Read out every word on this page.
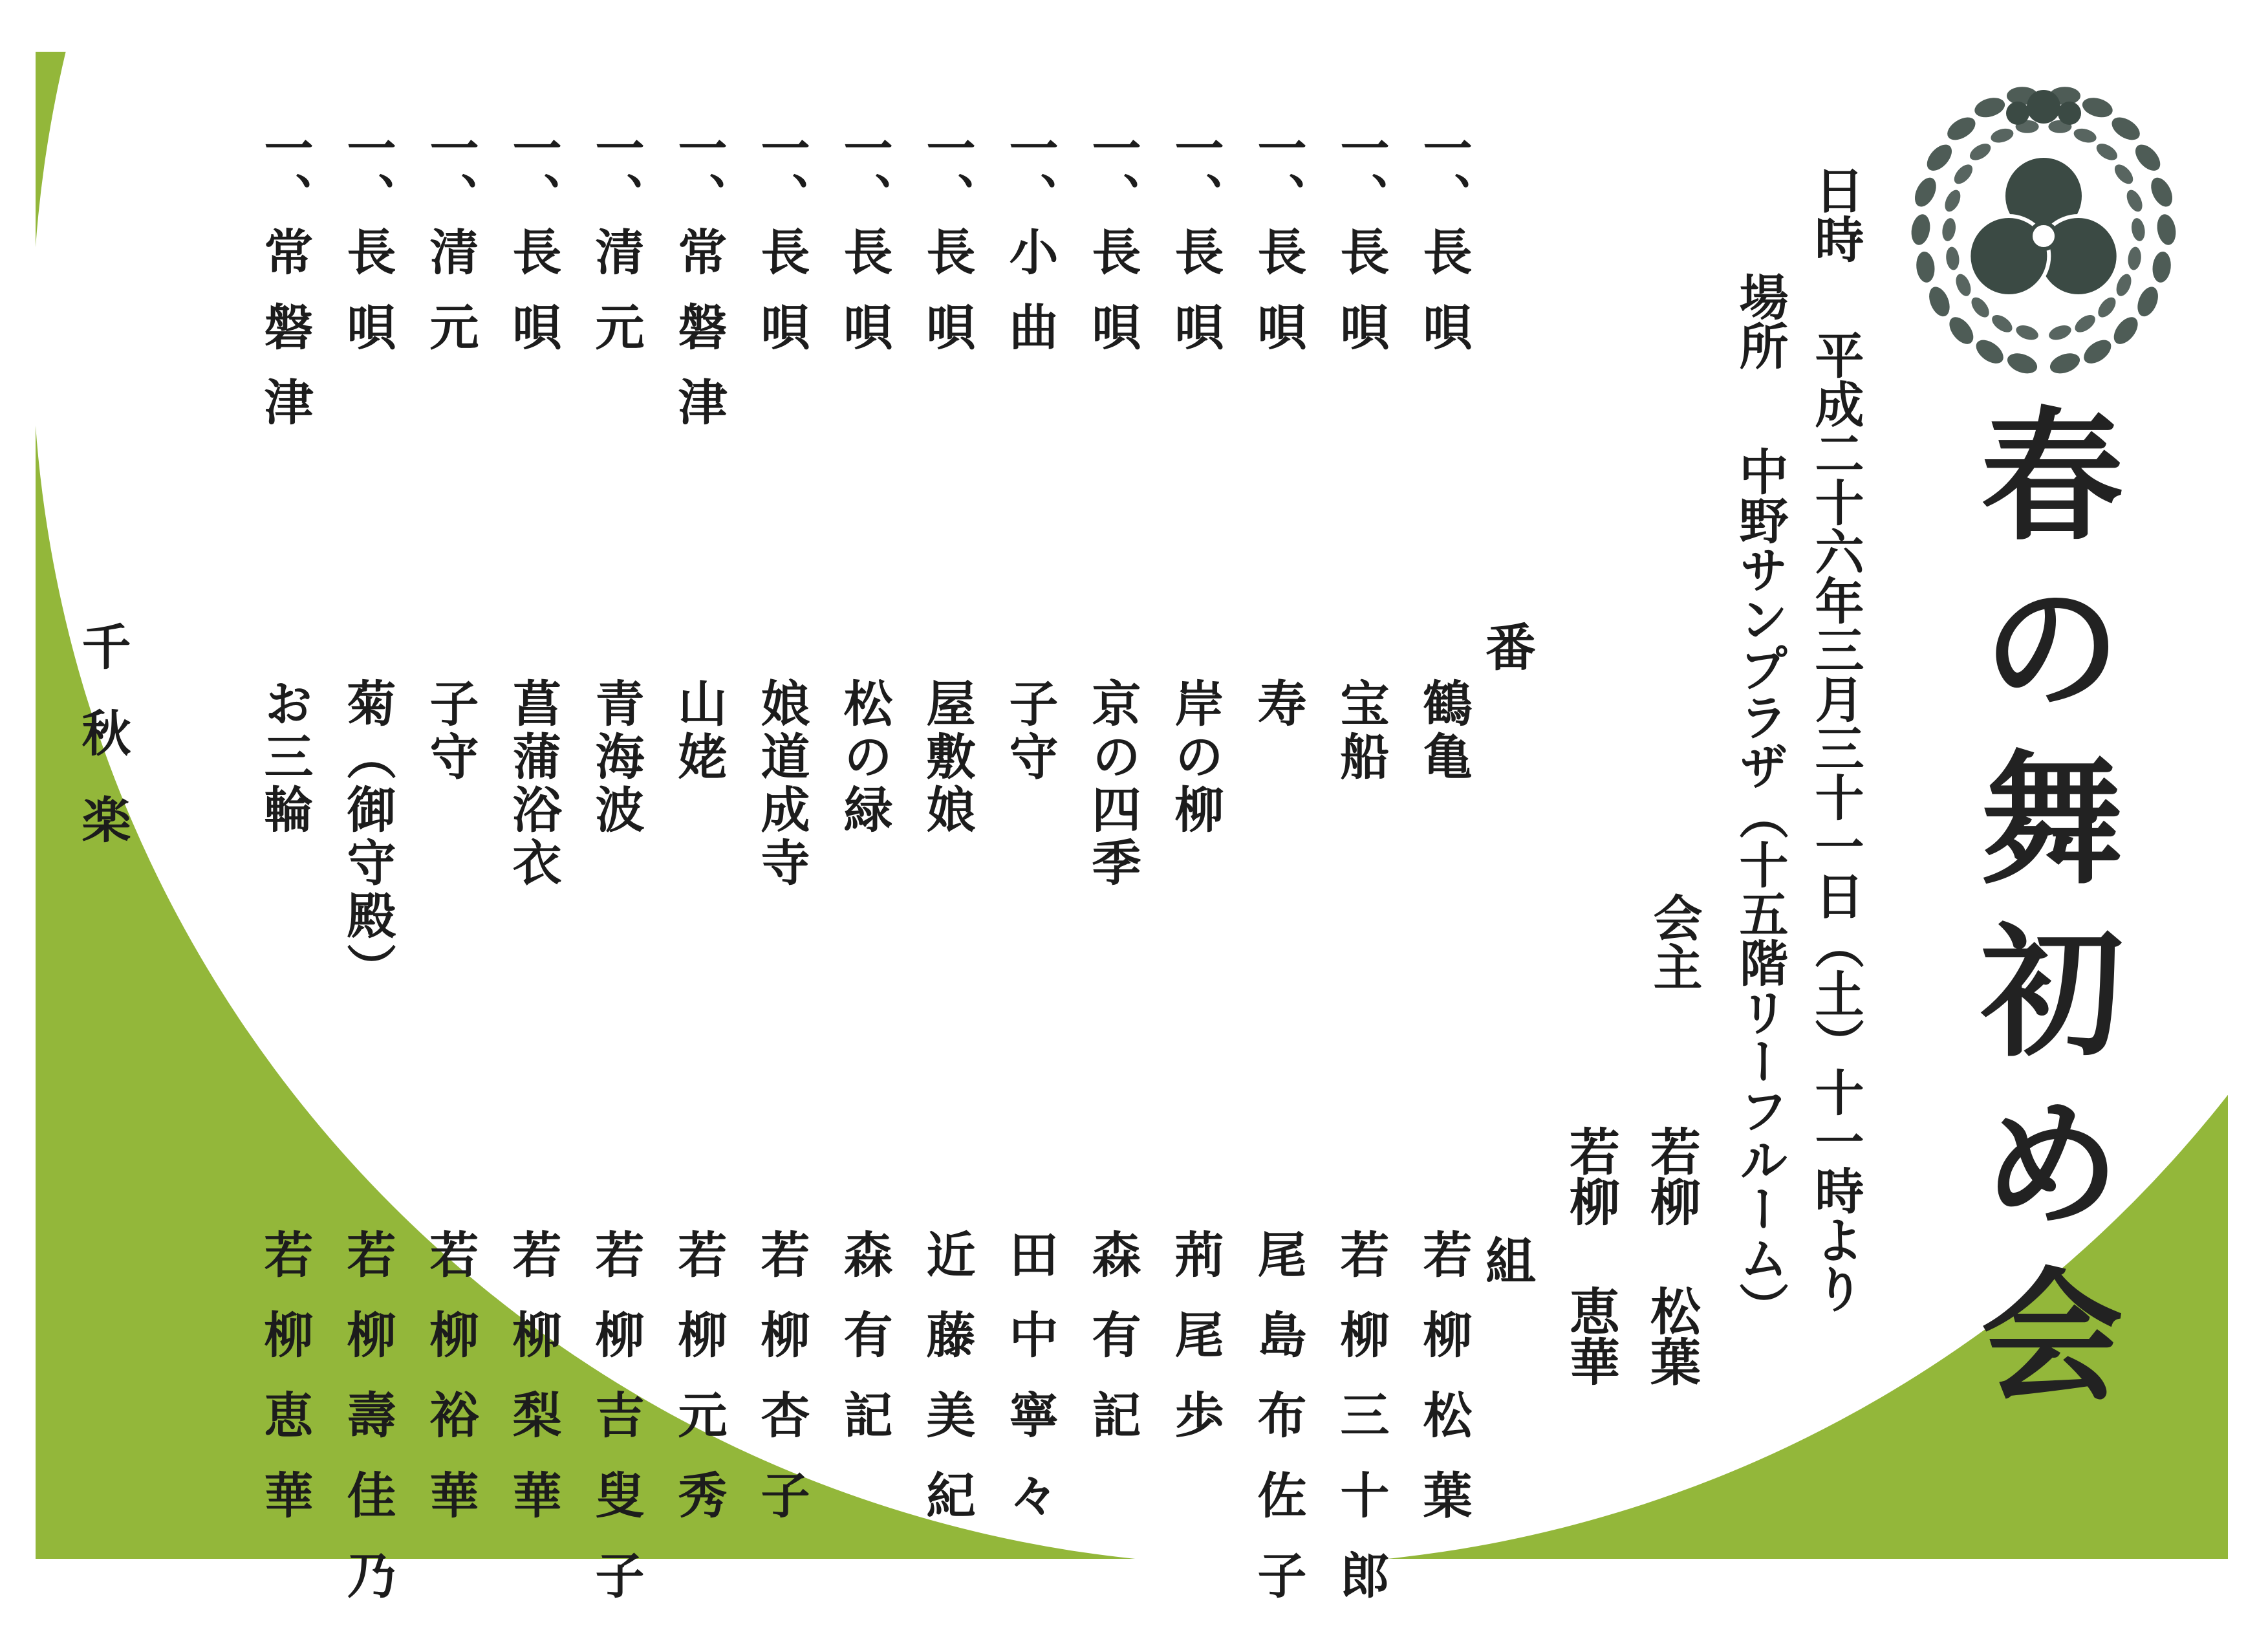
春の舞初め会
日時
平成二十六年三月三十一日（土）十一時より
場所
中野サンプラザ（十五階リーフルーム）
会主
若柳 松葉
若柳 恵華
番 組
一、
長唄
鶴亀
若柳松葉
一、
長唄
宝船
若柳三十郎
一、
長唄
寿
尾島布佐子
一、
長唄
岸の柳
荊尾歩
一、
長唄
京の四季
森有記
一、
小曲
子守
田中寧々
一、
長唄
屋敷娘
近藤美紀
一、
長唄
松の緑
森有記
一、
長唄
娘道成寺
若柳杏子
一、
常磐津
山姥
若柳元秀
一、
清元
青海波
若柳吉叟子
一、
長唄
菖蒲浴衣
若柳梨華
一、
清元
子守
若柳裕華
一、
長唄
菊（御守殿）
若柳壽佳乃
一、
常磐津
お三輪
若柳恵華
千秋楽
